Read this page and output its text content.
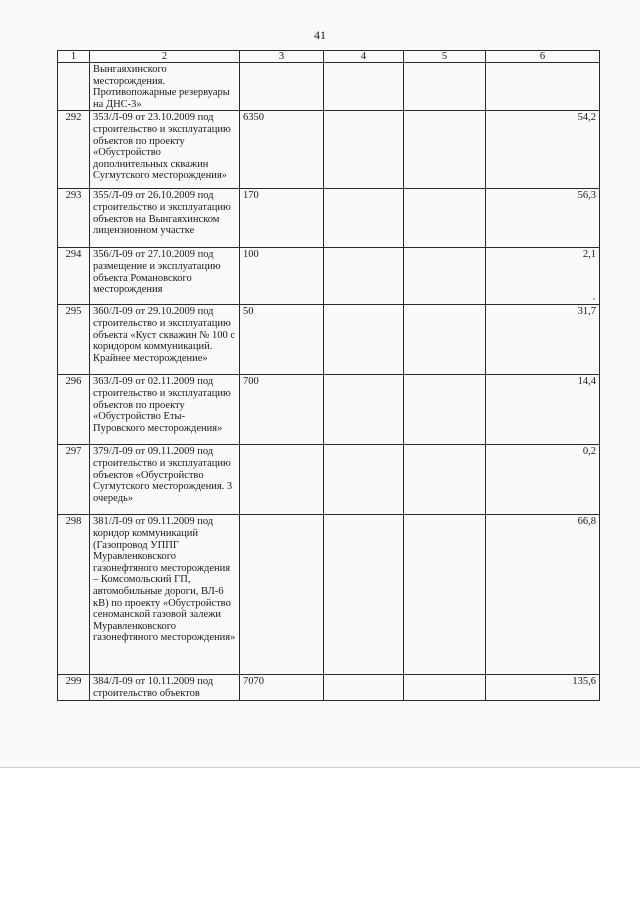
41
1	2	3	4	5	6
	Вынгаяхинского месторождения. Противопожарные резервуары на ДНС-3»				
292	353/Л-09 от 23.10.2009 под строительство и эксплуатацию объектов по проекту «Обустройство дополнительных скважин Сугмутского месторождения»	6350			54,2
293	355/Л-09 от 26.10.2009 под строительство и эксплуатацию объектов на Вынгаяхинском лицензионном участке	170			56,3
294	356/Л-09 от 27.10.2009 под размещение и эксплуатацию объекта Романовского месторождения	100			2,1
295	360/Л-09 от 29.10.2009 под строительство и эксплуатацию объекта «Куст скважин № 100 с коридором коммуникаций. Крайнее месторождение»	50			31,7
296	363/Л-09 от 02.11.2009 под строительство и эксплуатацию объектов по проекту «Обустройство Еты-Пуровского месторождения»	700			14,4
297	379/Л-09 от 09.11.2009 под строительство и эксплуатацию объектов «Обустройство Сугмутского месторождения. 3 очередь»				0,2
298	381/Л-09 от 09.11.2009 под коридор коммуникаций (Газопровод УППГ Муравленковского газонефтяного месторождения – Комсомольский ГП, автомобильные дороги, ВЛ-6 кВ) по проекту «Обустройство сеноманской газовой залежи Муравленковского газонефтяного месторождения»				66,8
299	384/Л-09 от 10.11.2009 под строительство объектов	7070			135,6
